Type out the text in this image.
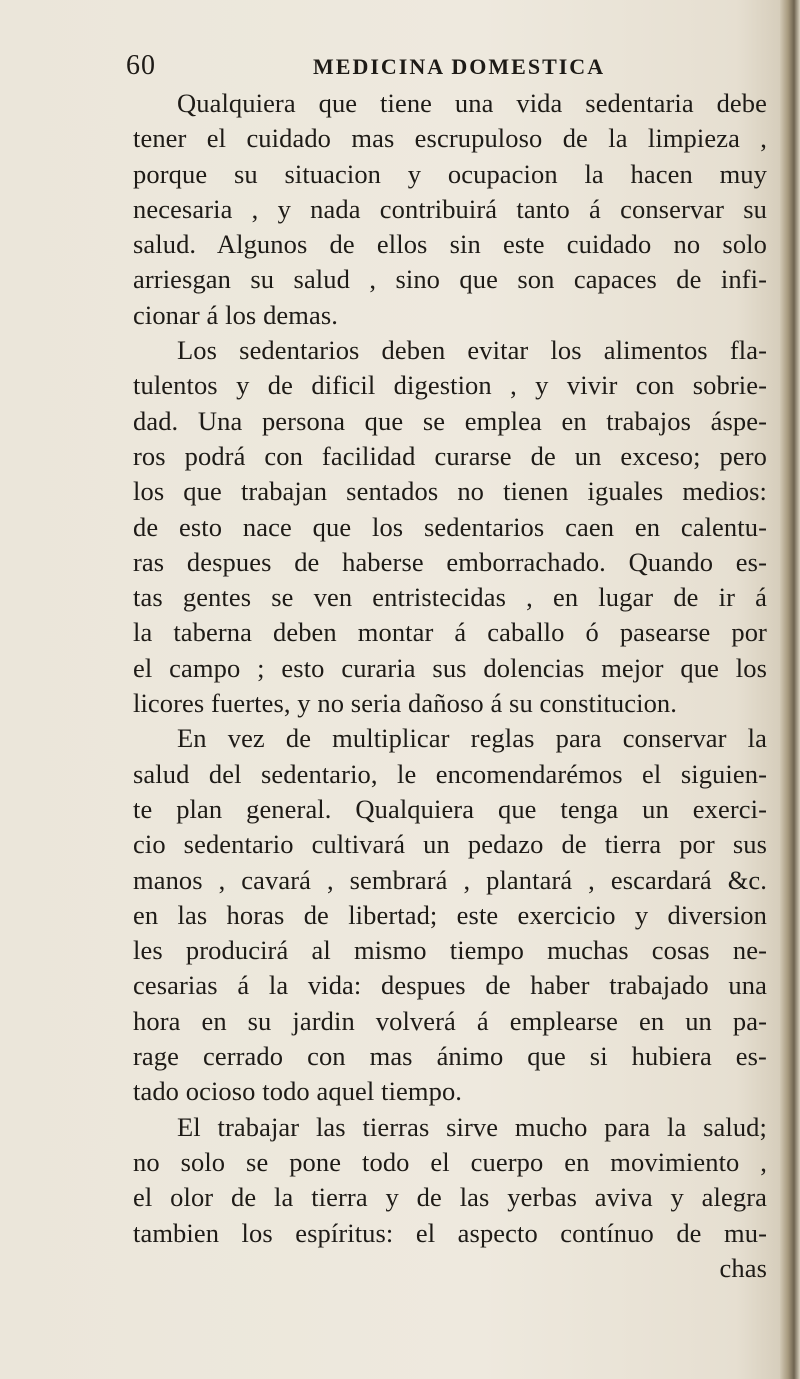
60	MEDICINA DOMESTICA
Qualquiera que tiene una vida sedentaria debe
tener el cuidado mas escrupuloso de la limpieza ,
porque su situacion y ocupacion la hacen muy
necesaria , y nada contribuirá tanto á conservar su
salud. Algunos de ellos sin este cuidado no solo
arriesgan su salud , sino que son capaces de infi-
cionar á los demas.
Los sedentarios deben evitar los alimentos fla-
tulentos y de dificil digestion , y vivir con sobrie-
dad. Una persona que se emplea en trabajos áspe-
ros podrá con facilidad curarse de un exceso; pero
los que trabajan sentados no tienen iguales medios:
de esto nace que los sedentarios caen en calentu-
ras despues de haberse emborrachado. Quando es-
tas gentes se ven entristecidas , en lugar de ir á
la taberna deben montar á caballo ó pasearse por
el campo ; esto curaria sus dolencias mejor que los
licores fuertes, y no seria dañoso á su constitucion.
En vez de multiplicar reglas para conservar la
salud del sedentario, le encomendarémos el siguien-
te plan general. Qualquiera que tenga un exerci-
cio sedentario cultivará un pedazo de tierra por sus
manos , cavará , sembrará , plantará , escardará &c.
en las horas de libertad; este exercicio y diversion
les producirá al mismo tiempo muchas cosas ne-
cesarias á la vida: despues de haber trabajado una
hora en su jardin volverá á emplearse en un pa-
rage cerrado con mas ánimo que si hubiera es-
tado ocioso todo aquel tiempo.
El trabajar las tierras sirve mucho para la salud;
no solo se pone todo el cuerpo en movimiento ,
el olor de la tierra y de las yerbas aviva y alegra
tambien los espíritus: el aspecto contínuo de mu-
chas
